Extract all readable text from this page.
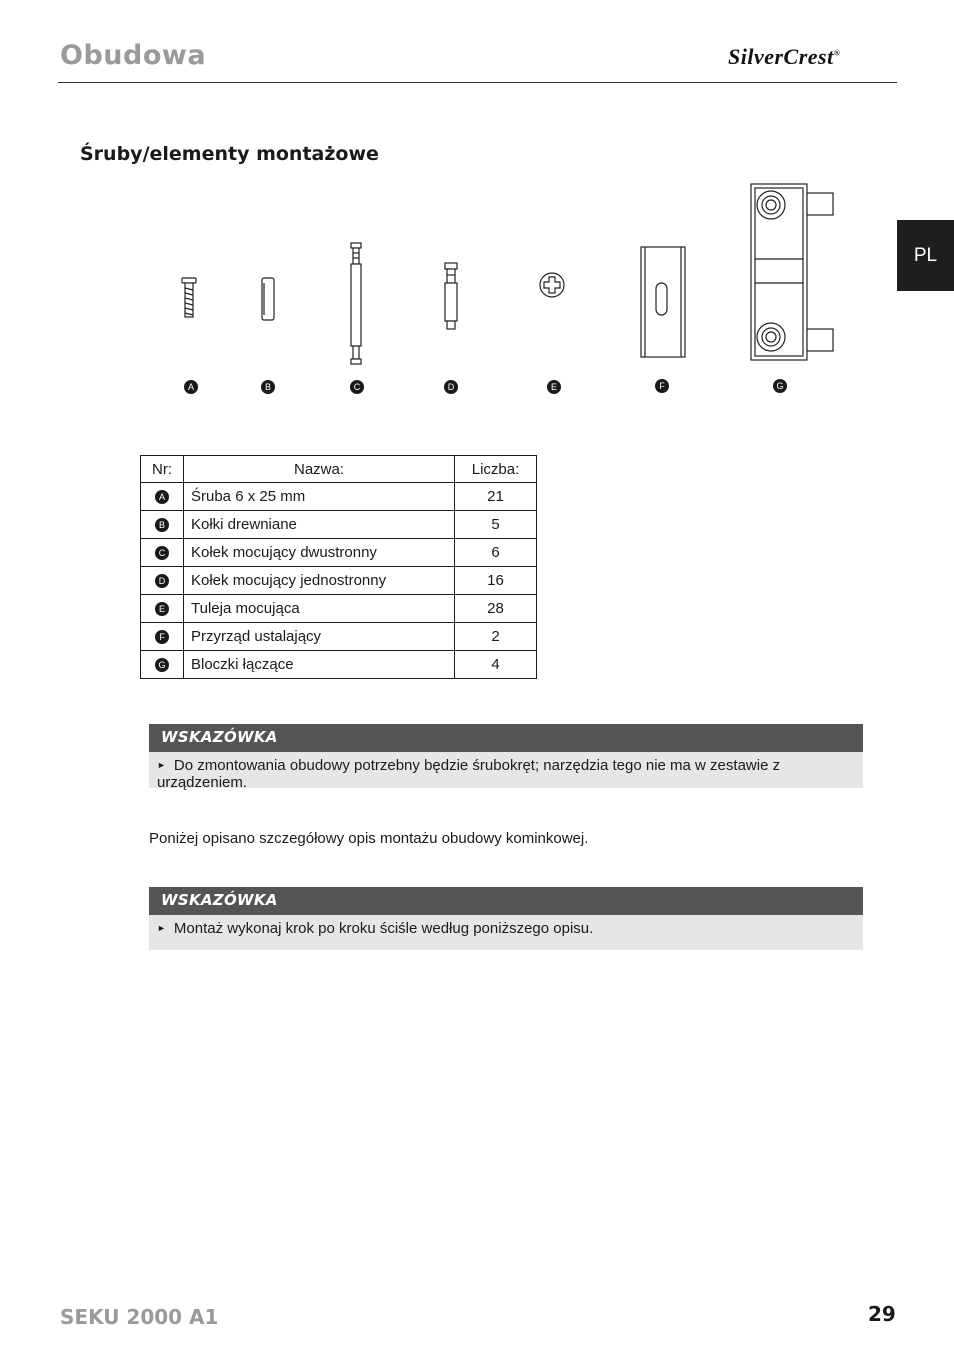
Obudowa	SilverCrest®
PL
Śruby/elementy montażowe
A	B	C	D	E	F	G
Nr:	Nazwa:	Liczba:
A	Śruba 6 x 25 mm	21
B	Kołki drewniane	5
C	Kołek mocujący dwustronny	6
D	Kołek mocujący jednostronny	16
E	Tuleja mocująca	28
F	Przyrząd ustalający	2
G	Bloczki łączące	4
WSKAZÓWKA
► Do zmontowania obudowy potrzebny będzie śrubokręt; narzędzia tego nie ma w zestawie z urządzeniem.
Poniżej opisano szczegółowy opis montażu obudowy kominkowej.
WSKAZÓWKA
► Montaż wykonaj krok po kroku ściśle według poniższego opisu.
SEKU 2000 A1	29
